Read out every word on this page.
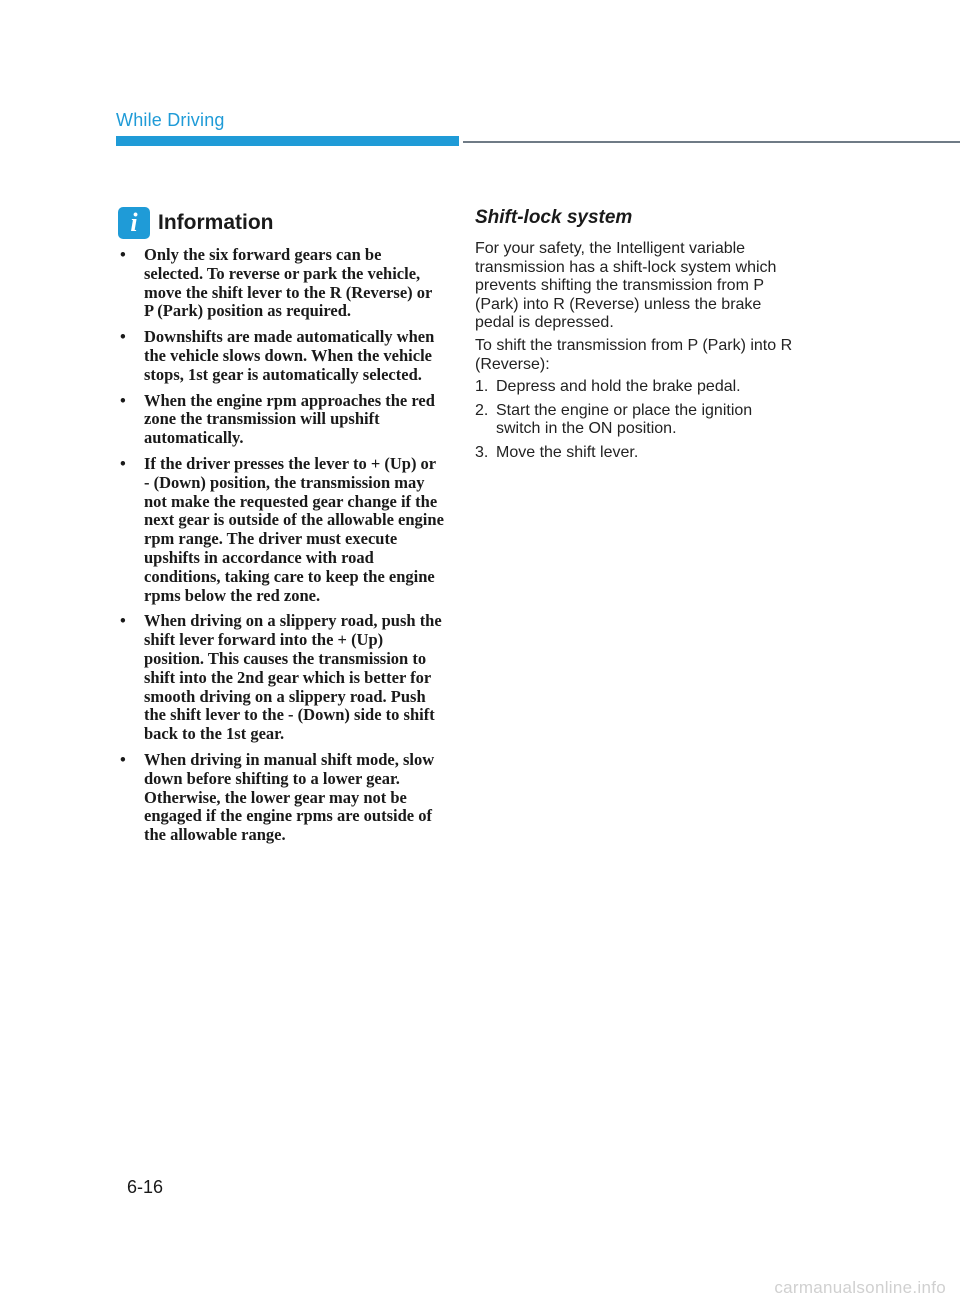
While Driving
i Information
• Only the six forward gears can be selected. To reverse or park the vehicle, move the shift lever to the R (Reverse) or P (Park) position as required.
• Downshifts are made automatically when the vehicle slows down. When the vehicle stops, 1st gear is automatically selected.
• When the engine rpm approaches the red zone the transmission will upshift automatically.
• If the driver presses the lever to + (Up) or - (Down) position, the transmission may not make the requested gear change if the next gear is outside of the allowable engine rpm range. The driver must execute upshifts in accordance with road conditions, taking care to keep the engine rpms below the red zone.
• When driving on a slippery road, push the shift lever forward into the + (Up) position. This causes the transmission to shift into the 2nd gear which is better for smooth driving on a slippery road. Push the shift lever to the - (Down) side to shift back to the 1st gear.
• When driving in manual shift mode, slow down before shifting to a lower gear. Otherwise, the lower gear may not be engaged if the engine rpms are outside of the allowable range.
Shift-lock system

For your safety, the Intelligent variable transmission has a shift-lock system which prevents shifting the transmission from P (Park) into R (Reverse) unless the brake pedal is depressed.

To shift the transmission from P (Park) into R (Reverse):

1. Depress and hold the brake pedal.
2. Start the engine or place the ignition switch in the ON position.
3. Move the shift lever.
6-16
carmanualsonline.info
